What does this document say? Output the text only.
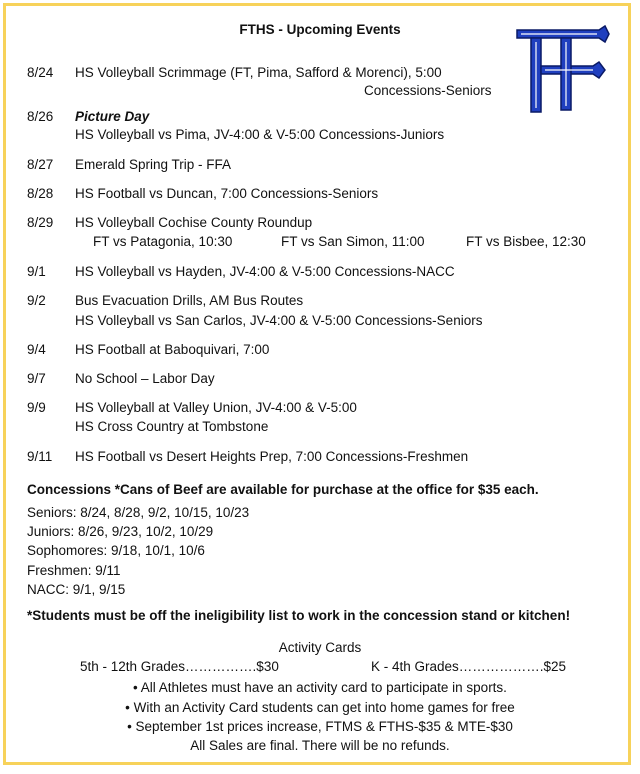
FTHS - Upcoming Events
8/24 HS Volleyball Scrimmage (FT, Pima, Safford & Morenci), 5:00
Concessions-Seniors
8/26 Picture Day
HS Volleyball vs Pima, JV-4:00 & V-5:00 Concessions-Juniors
8/27 Emerald Spring Trip - FFA
8/28 HS Football vs Duncan, 7:00 Concessions-Seniors
8/29 HS Volleyball Cochise County Roundup
FT vs Patagonia, 10:30	FT vs San Simon, 11:00	FT vs Bisbee, 12:30
9/1 HS Volleyball vs Hayden, JV-4:00 & V-5:00 Concessions-NACC
9/2 Bus Evacuation Drills, AM Bus Routes
HS Volleyball vs San Carlos, JV-4:00 & V-5:00 Concessions-Seniors
9/4 HS Football at Baboquivari, 7:00
9/7 No School – Labor Day
9/9 HS Volleyball at Valley Union, JV-4:00 & V-5:00
HS Cross Country at Tombstone
9/11 HS Football vs Desert Heights Prep, 7:00 Concessions-Freshmen
Concessions *Cans of Beef are available for purchase at the office for $35 each.
Seniors: 8/24, 8/28, 9/2, 10/15, 10/23
Juniors: 8/26, 9/23, 10/2, 10/29
Sophomores: 9/18, 10/1, 10/6
Freshmen: 9/11
NACC: 9/1, 9/15
*Students must be off the ineligibility list to work in the concession stand or kitchen!
Activity Cards
5th - 12th Grades…………….$30	K - 4th Grades……………….$25
• All Athletes must have an activity card to participate in sports.
• With an Activity Card students can get into home games for free
• September 1st prices increase, FTMS & FTHS-$35 & MTE-$30
All Sales are final. There will be no refunds.
